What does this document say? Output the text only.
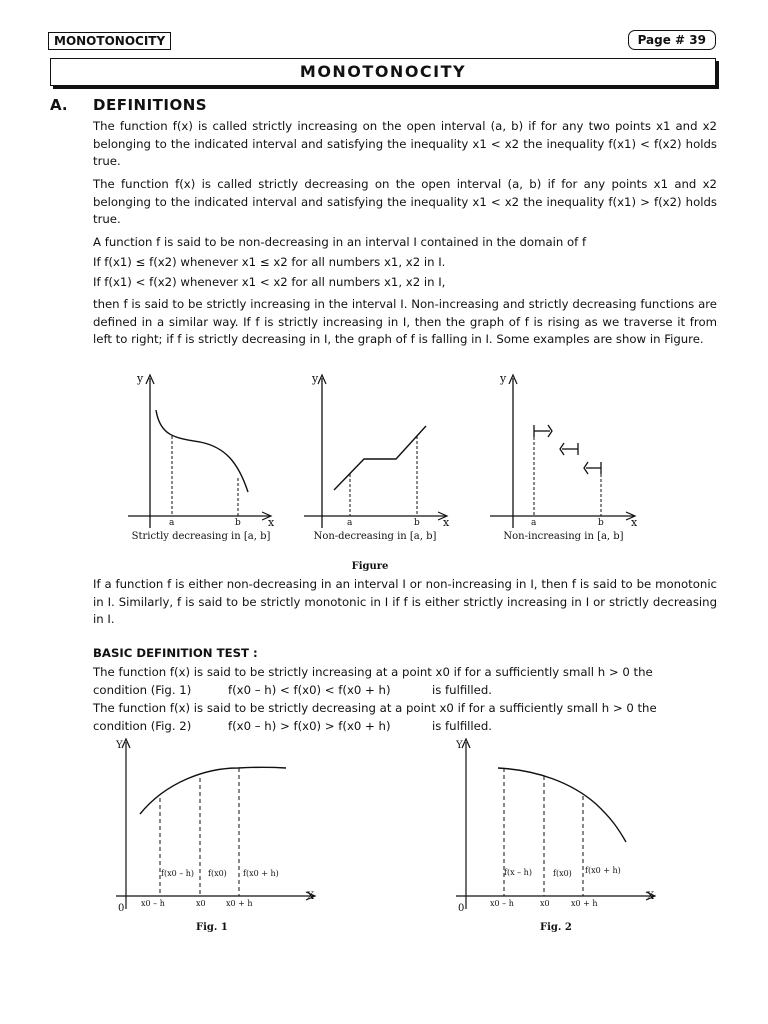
MONOTONOCITY	Page # 39
MONOTONOCITY
A. DEFINITIONS
The function f(x) is called strictly increasing on the open interval (a, b) if for any two points x1 and x2 belonging to the indicated interval and satisfying the inequality x1 < x2 the inequality f(x1) < f(x2) holds true.
The function f(x) is called strictly decreasing on the open interval (a, b) if for any points x1 and x2 belonging to the indicated interval and satisfying the inequality x1 < x2 the inequality f(x1) > f(x2) holds true.
A function f is said to be non-decreasing in an interval I contained in the domain of f
If f(x1) ≤ f(x2) whenever x1 ≤ x2 for all numbers x1, x2 in I.
If f(x1) < f(x2) whenever x1 < x2 for all numbers x1, x2 in I,
then f is said to be strictly increasing in the interval I. Non-increasing and strictly decreasing functions are defined in a similar way. If f is strictly increasing in I, then the graph of f is rising as we traverse it from left to right; if f is strictly decreasing in I, the graph of f is falling in I. Some examples are show in Figure.
y
x
a	b
Strictly decreasing in [a, b]
y
x
a	b
Non-decreasing in [a, b]
y
x
a	b
Non-increasing in [a, b]
Figure
If a function f is either non-decreasing in an interval I or non-increasing in I, then f is said to be monotonic in I. Similarly, f is said to be strictly monotonic in I if f is either strictly increasing in I or strictly decreasing in I.
BASIC DEFINITION TEST :
The function f(x) is said to be strictly increasing at a point x0 if for a sufficiently small h > 0 the
condition (Fig. 1)	f(x0 – h) < f(x0) < f(x0 + h)	is fulfilled.
The function f(x) is said to be strictly decreasing at a point x0 if for a sufficiently small h > 0 the
condition (Fig. 2)	f(x0 – h) > f(x0) > f(x0 + h)	is fulfilled.
Y
X
0
f(x0 – h) f(x0) f(x0 + h)
x0 – h	x0	x0 + h
Fig. 1
Y
X
0
f(x – h)	f(x0) f(x0 + h)
x0 – h	x0	x0 + h
Fig. 2
